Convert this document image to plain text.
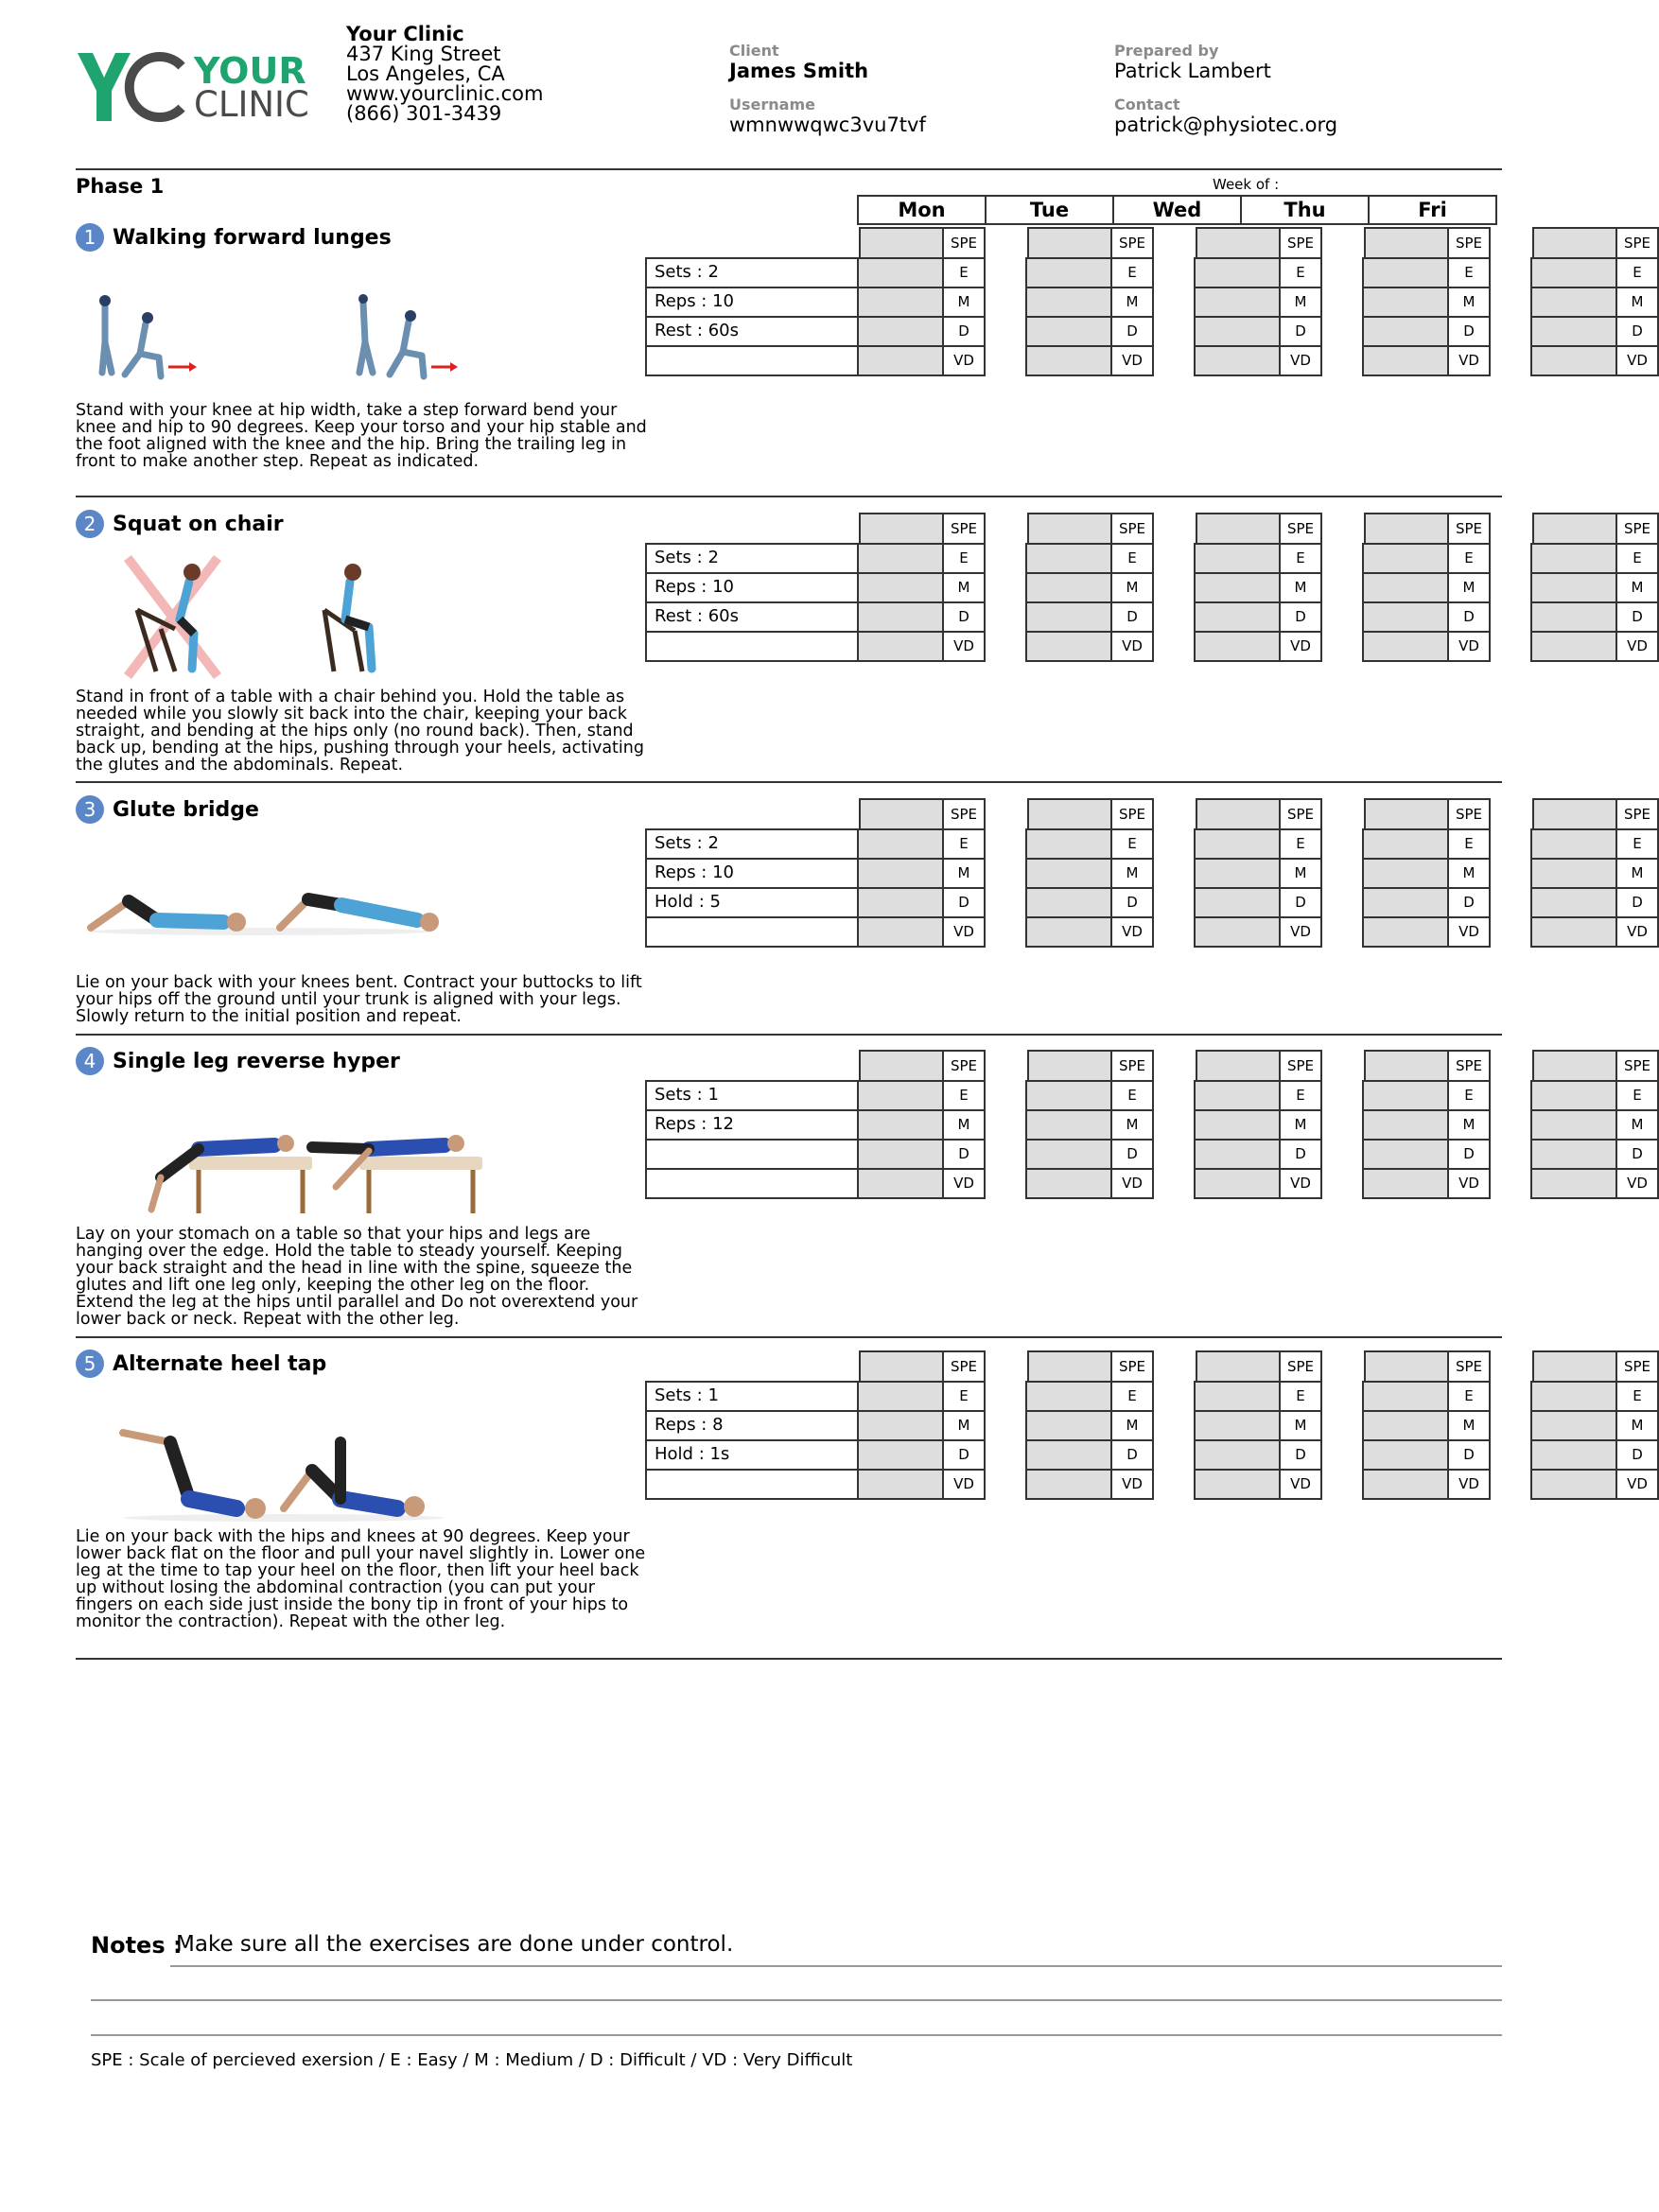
YOUR
CLINIC
Your Clinic
437 King Street
Los Angeles, CA
www.yourclinic.com
(866) 301-3439
Client
James Smith
Username
wmnwwqwc3vu7tvf
Prepared by
Patrick Lambert
Contact
patrick@physiotec.org
Phase 1	Week of :
Mon	Tue	Wed	Thu	Fri
1 Walking forward lunges
Stand with your knee at hip width, take a step forward bend your knee and hip to 90 degrees. Keep your torso and your hip stable and the foot aligned with the knee and the hip. Bring the trailing leg in front to make another step. Repeat as indicated.
SPE	SPE	SPE	SPE	SPE
Sets : 2	E	E	E	E	E
Reps : 10	M	M	M	M	M
Rest : 60s	D	D	D	D	D
VD	VD	VD	VD	VD
2 Squat on chair
Stand in front of a table with a chair behind you. Hold the table as needed while you slowly sit back into the chair, keeping your back straight, and bending at the hips only (no round back). Then, stand back up, bending at the hips, pushing through your heels, activating the glutes and the abdominals. Repeat.
SPE	SPE	SPE	SPE	SPE
Sets : 2	E	E	E	E	E
Reps : 10	M	M	M	M	M
Rest : 60s	D	D	D	D	D
VD	VD	VD	VD	VD
3 Glute bridge
Lie on your back with your knees bent. Contract your buttocks to lift your hips off the ground until your trunk is aligned with your legs. Slowly return to the initial position and repeat.
SPE	SPE	SPE	SPE	SPE
Sets : 2	E	E	E	E	E
Reps : 10	M	M	M	M	M
Hold : 5	D	D	D	D	D
VD	VD	VD	VD	VD
4 Single leg reverse hyper
Lay on your stomach on a table so that your hips and legs are hanging over the edge. Hold the table to steady yourself. Keeping your back straight and the head in line with the spine, squeeze the glutes and lift one leg only, keeping the other leg on the floor. Extend the leg at the hips until parallel and Do not overextend your lower back or neck. Repeat with the other leg.
SPE	SPE	SPE	SPE	SPE
Sets : 1	E	E	E	E	E
Reps : 12	M	M	M	M	M
D	D	D	D	D
VD	VD	VD	VD	VD
5 Alternate heel tap
Lie on your back with the hips and knees at 90 degrees. Keep your lower back flat on the floor and pull your navel slightly in. Lower one leg at the time to tap your heel on the floor, then lift your heel back up without losing the abdominal contraction (you can put your fingers on each side just inside the bony tip in front of your hips to monitor the contraction). Repeat with the other leg.
SPE	SPE	SPE	SPE	SPE
Sets : 1	E	E	E	E	E
Reps : 8	M	M	M	M	M
Hold : 1s	D	D	D	D	D
VD	VD	VD	VD	VD
Notes :
Make sure all the exercises are done under control.
SPE : Scale of percieved exersion / E : Easy / M : Medium / D : Difficult / VD : Very Difficult
